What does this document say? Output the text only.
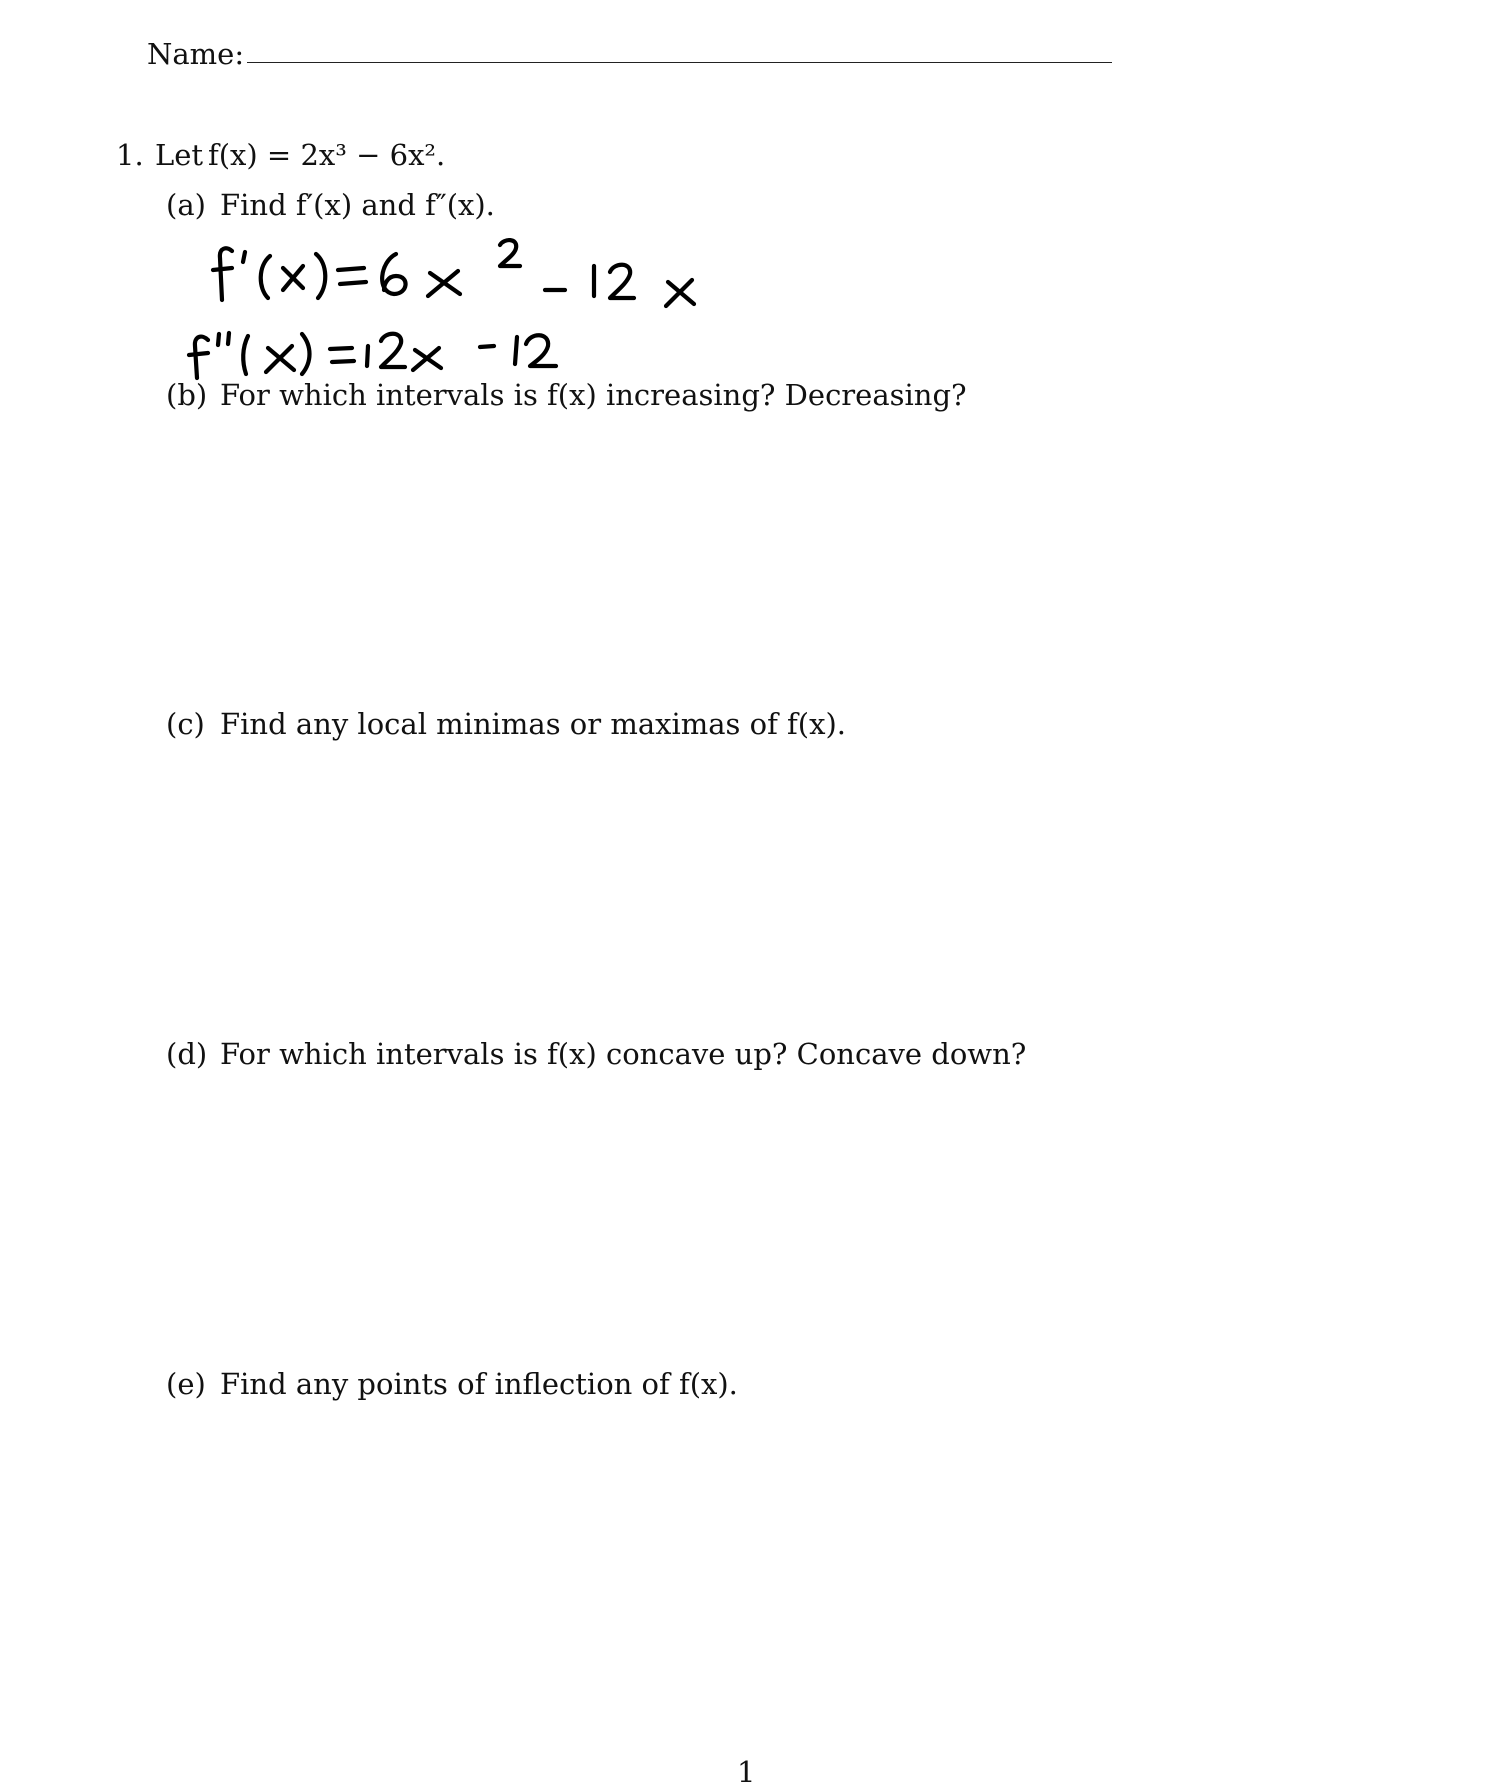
Name:
1. Let f(x) = 2x³ − 6x².
(a) Find f′(x) and f″(x).
(b) For which intervals is f(x) increasing? Decreasing?
(c) Find any local minimas or maximas of f(x).
(d) For which intervals is f(x) concave up? Concave down?
(e) Find any points of inflection of f(x).
1
